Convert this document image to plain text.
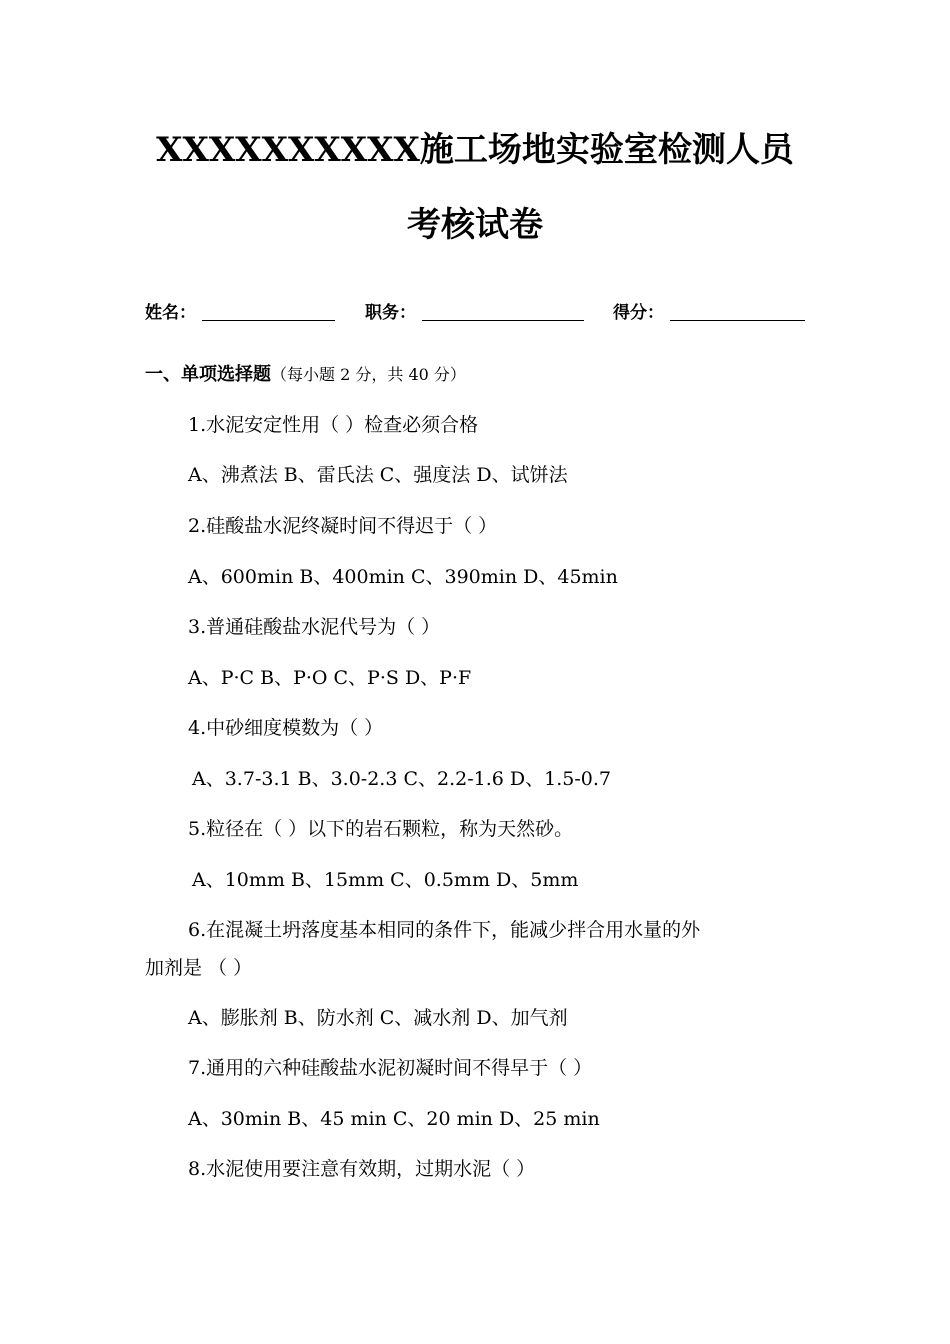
XXXXXXXXXX施工场地实验室检测人员
考核试卷
姓名：	职务：	得分：
一、单项选择题（每小题 2 分，共 40 分）
1.水泥安定性用（ ）检查必须合格
A、沸煮法 B、雷氏法 C、强度法 D、试饼法
2.硅酸盐水泥终凝时间不得迟于（ ）
A、600min B、400min C、390min D、45min
3.普通硅酸盐水泥代号为（ ）
A、P·C B、P·O C、P·S D、P·F
4.中砂细度模数为（ ）
A、3.7-3.1 B、3.0-2.3 C、2.2-1.6 D、1.5-0.7
5.粒径在（ ）以下的岩石颗粒，称为天然砂。
A、10mm B、15mm C、0.5mm D、5mm
6.在混凝土坍落度基本相同的条件下，能减少拌合用水量的外
加剂是 （ ）
A、膨胀剂 B、防水剂 C、减水剂 D、加气剂
7.通用的六种硅酸盐水泥初凝时间不得早于（ ）
A、30min B、45 min C、20 min D、25 min
8.水泥使用要注意有效期，过期水泥（ ）
